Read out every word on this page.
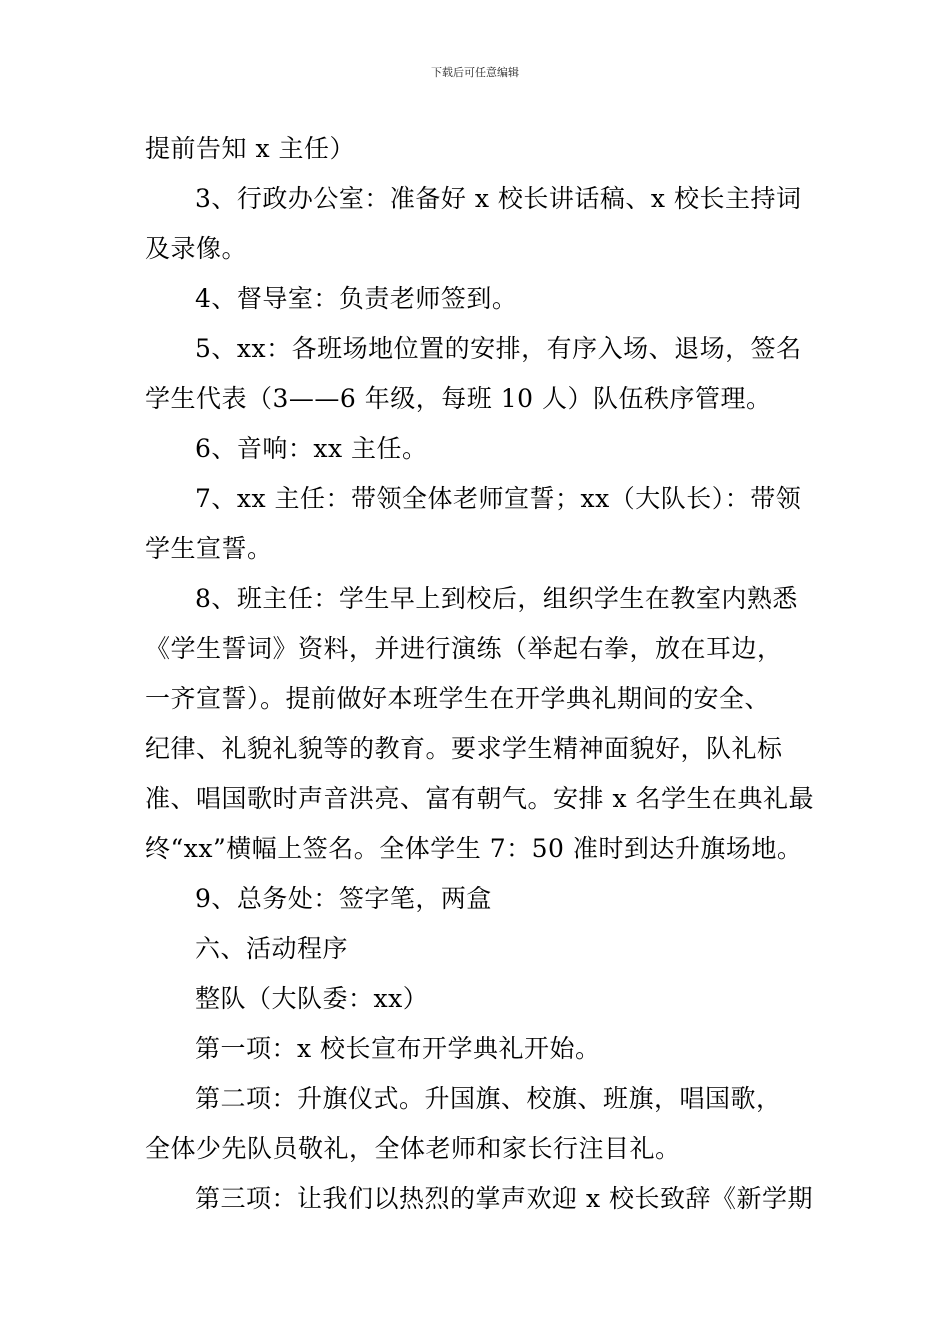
下载后可任意编辑
提前告知 x 主任）
3、行政办公室：准备好 x 校长讲话稿、x 校长主持词
及录像。
4、督导室：负责老师签到。
5、xx：各班场地位置的安排，有序入场、退场，签名
学生代表（3——6 年级，每班 10 人）队伍秩序管理。
6、音响：xx 主任。
7、xx 主任：带领全体老师宣誓；xx（大队长）：带领
学生宣誓。
8、班主任：学生早上到校后，组织学生在教室内熟悉
《学生誓词》资料，并进行演练（举起右拳，放在耳边，
一齐宣誓）。提前做好本班学生在开学典礼期间的安全、
纪律、礼貌礼貌等的教育。要求学生精神面貌好，队礼标
准、唱国歌时声音洪亮、富有朝气。安排 x 名学生在典礼最
终“xx”横幅上签名。全体学生 7：50 准时到达升旗场地。
9、总务处：签字笔，两盒
六、活动程序
整队（大队委：xx）
第一项：x 校长宣布开学典礼开始。
第二项：升旗仪式。升国旗、校旗、班旗，唱国歌，
全体少先队员敬礼，全体老师和家长行注目礼。
第三项：让我们以热烈的掌声欢迎 x 校长致辞《新学期
